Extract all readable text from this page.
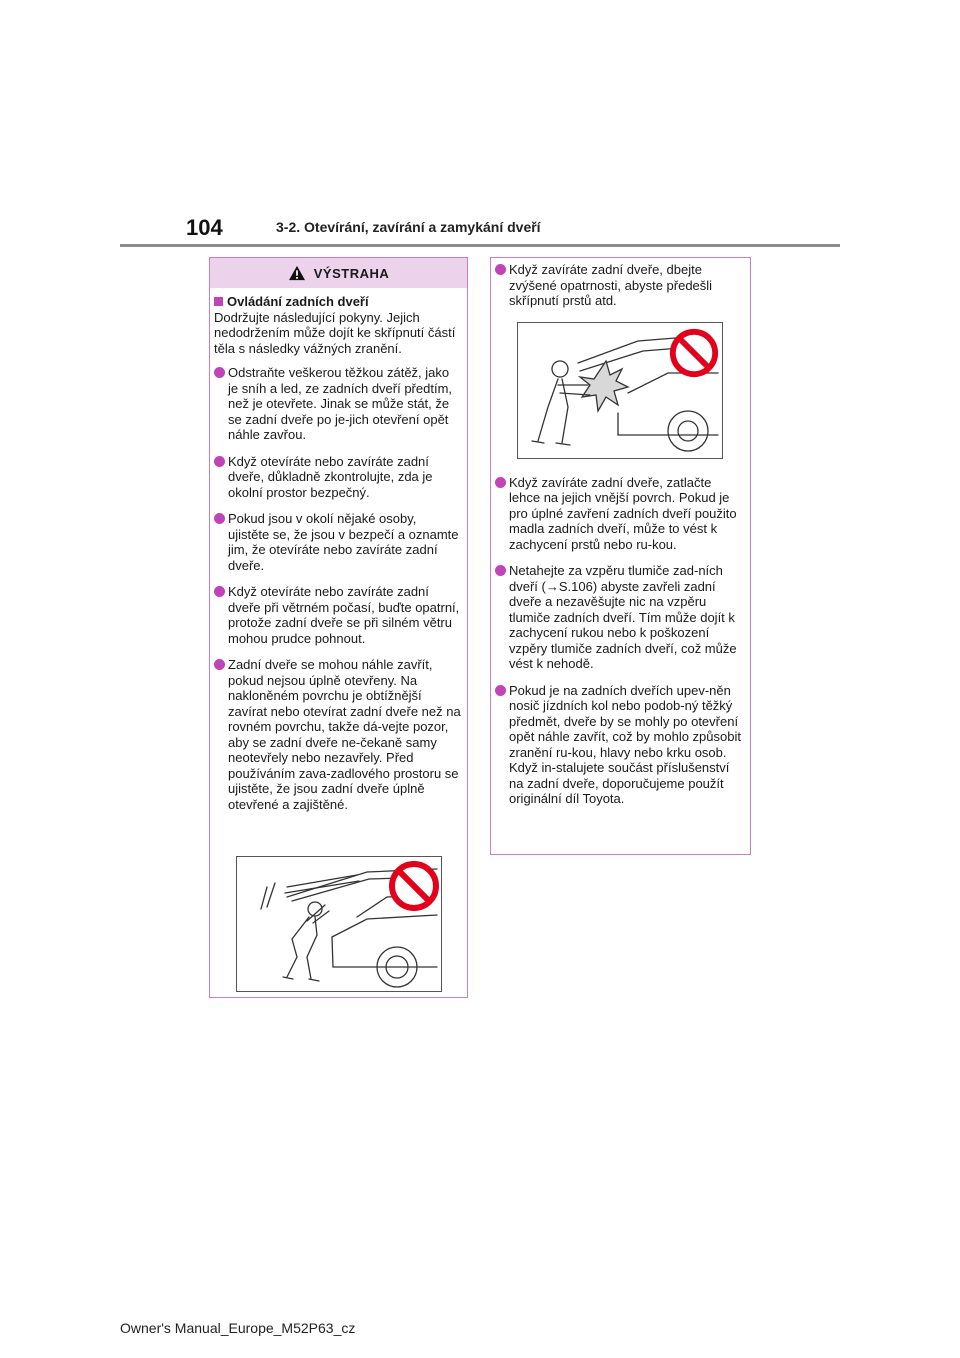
104	3-2. Otevírání, zavírání a zamykání dveří
VÝSTRAHA
Ovládání zadních dveří

Dodržujte následující pokyny. Jejich nedodržením může dojít ke skřípnutí částí těla s následky vážných zranění.

Odstraňte veškerou těžkou zátěž, jako je sníh a led, ze zadních dveří předtím, než je otevřete. Jinak se může stát, že se zadní dveře po je-jich otevření opět náhle zavřou.
Když otevíráte nebo zavíráte zadní dveře, důkladně zkontrolujte, zda je okolní prostor bezpečný.
Pokud jsou v okolí nějaké osoby, ujistěte se, že jsou v bezpečí a oznamte jim, že otevíráte nebo zavíráte zadní dveře.
Když otevíráte nebo zavíráte zadní dveře při větrném počasí, buďte opatrní, protože zadní dveře se při silném větru mohou prudce pohnout.
Zadní dveře se mohou náhle zavřít, pokud nejsou úplně otevřeny. Na nakloněném povrchu je obtížnější zavírat nebo otevírat zadní dveře než na rovném povrchu, takže dá-vejte pozor, aby se zadní dveře ne-čekaně samy neotevřely nebo nezavřely. Před používáním zava-zadlového prostoru se ujistěte, že jsou zadní dveře úplně otevřené a zajištěné.
Když zavíráte zadní dveře, dbejte zvýšené opatrnosti, abyste předešli skřípnutí prstů atd.
Když zavíráte zadní dveře, zatlačte lehce na jejich vnější povrch. Pokud je pro úplné zavření zadních dveří použito madla zadních dveří, může to vést k zachycení prstů nebo ru-kou.
Netahejte za vzpěru tlumiče zad-ních dveří (→S.106) abyste zavřeli zadní dveře a nezavěšujte nic na vzpěru tlumiče zadních dveří. Tím může dojít k zachycení rukou nebo k poškození vzpěry tlumiče zadních dveří, což může vést k nehodě.
Pokud je na zadních dveřích upev-něn nosič jízdních kol nebo podob-ný těžký předmět, dveře by se mohly po otevření opět náhle zavřít, což by mohlo způsobit zranění ru-kou, hlavy nebo krku osob. Když in-stalujete součást příslušenství na zadní dveře, doporučujeme použít originální díl Toyota.
Owner's Manual_Europe_M52P63_cz
